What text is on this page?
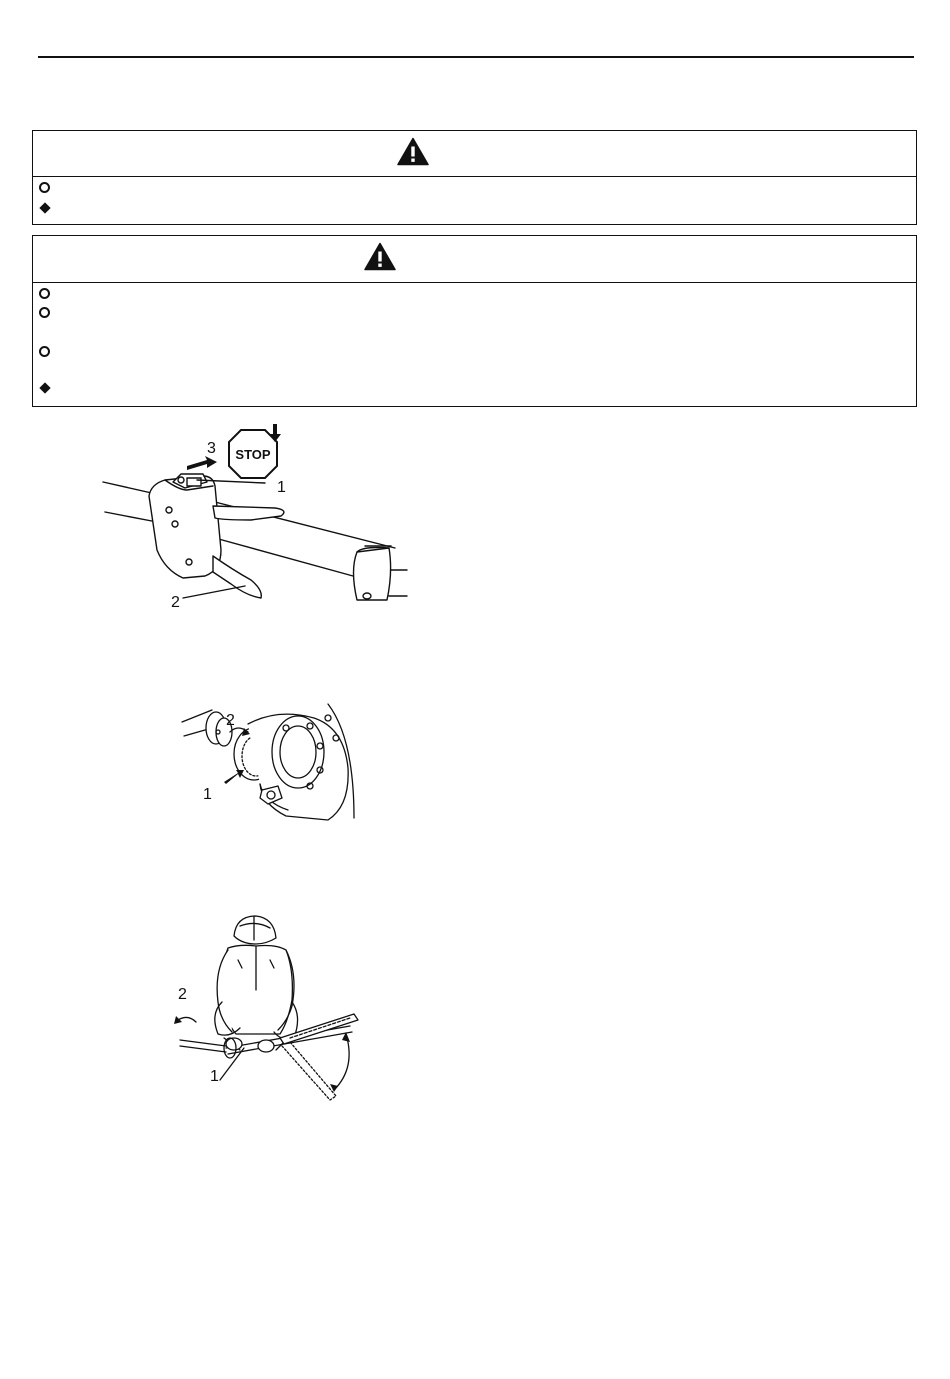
STOP
3
1
2
2
1
2
1
